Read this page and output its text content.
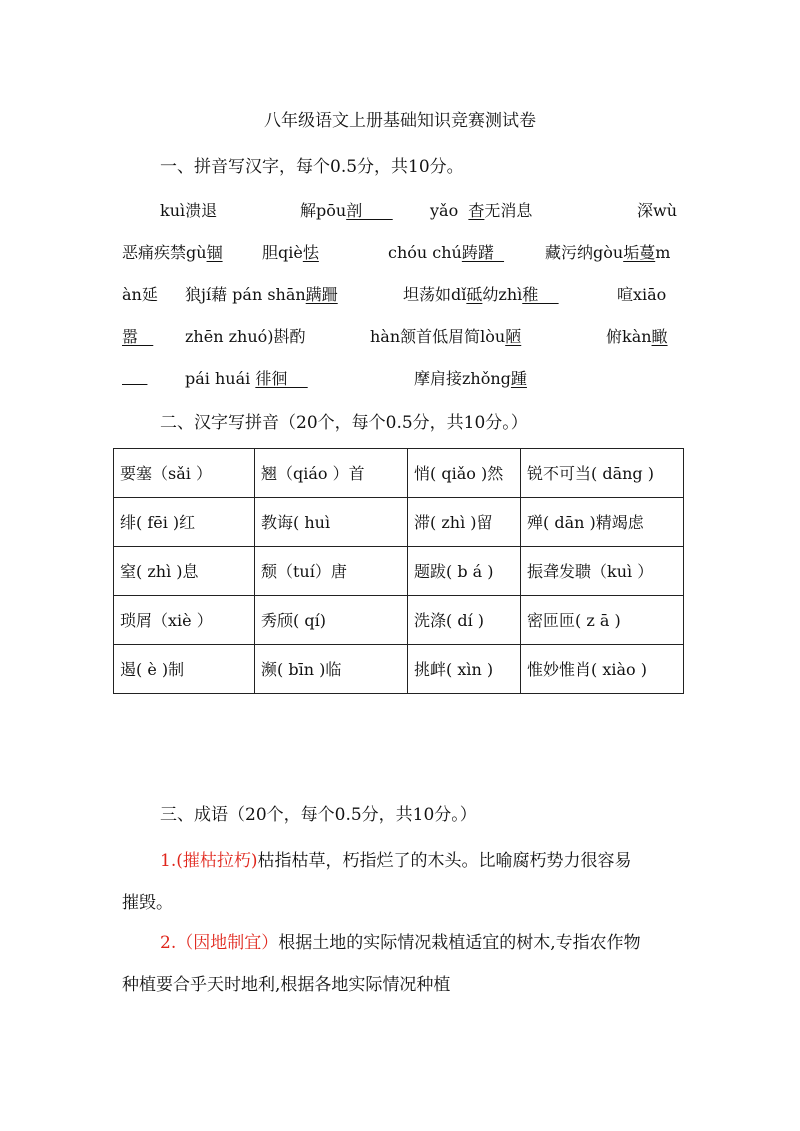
八年级语文上册基础知识竞赛测试卷
一、拼音写汉字，每个0.5分，共10分。
kuì溃退	解pōu剖 yǎo  杳无消息	深wù
恶痛疾禁gù锢 胆qiè怯	chóu chú踌躇	藏污纳gòu垢蔓m
àn延 狼jí藉 pán shān蹒跚	坦荡如dǐ砥幼zhì稚	喧xiāo
嚣 zhēn zhuó)斟酌	hàn颔首低眉简lòu陋	俯kàn瞰

pái huái 徘徊	摩肩接zhǒng踵
二、汉字写拼音（20个，每个0.5分，共10分。）
要塞（sǎi ）	翘（qiáo ）首	悄( qiǎo )然	锐不可当( dāng )
绯( fēi )红	教诲( huì	滞( zhì )留	殚( dān )精竭虑
窒( zhì )息	颓（tuí）唐	题跋( b á )	振聋发聩（kuì ）
琐屑（xiè ）	秀颀( qí)	洗涤( dí )	密匝匝( z ā )
遏( è )制	濒( bīn )临	挑衅( xìn )	惟妙惟肖( xiào )
三、成语（20个，每个0.5分，共10分。）
1.(摧枯拉朽)枯指枯草，朽指烂了的木头。比喻腐朽势力很容易
摧毁。
2.（因地制宜）根据土地的实际情况栽植适宜的树木,专指农作物
种植要合乎天时地利,根据各地实际情况种植
